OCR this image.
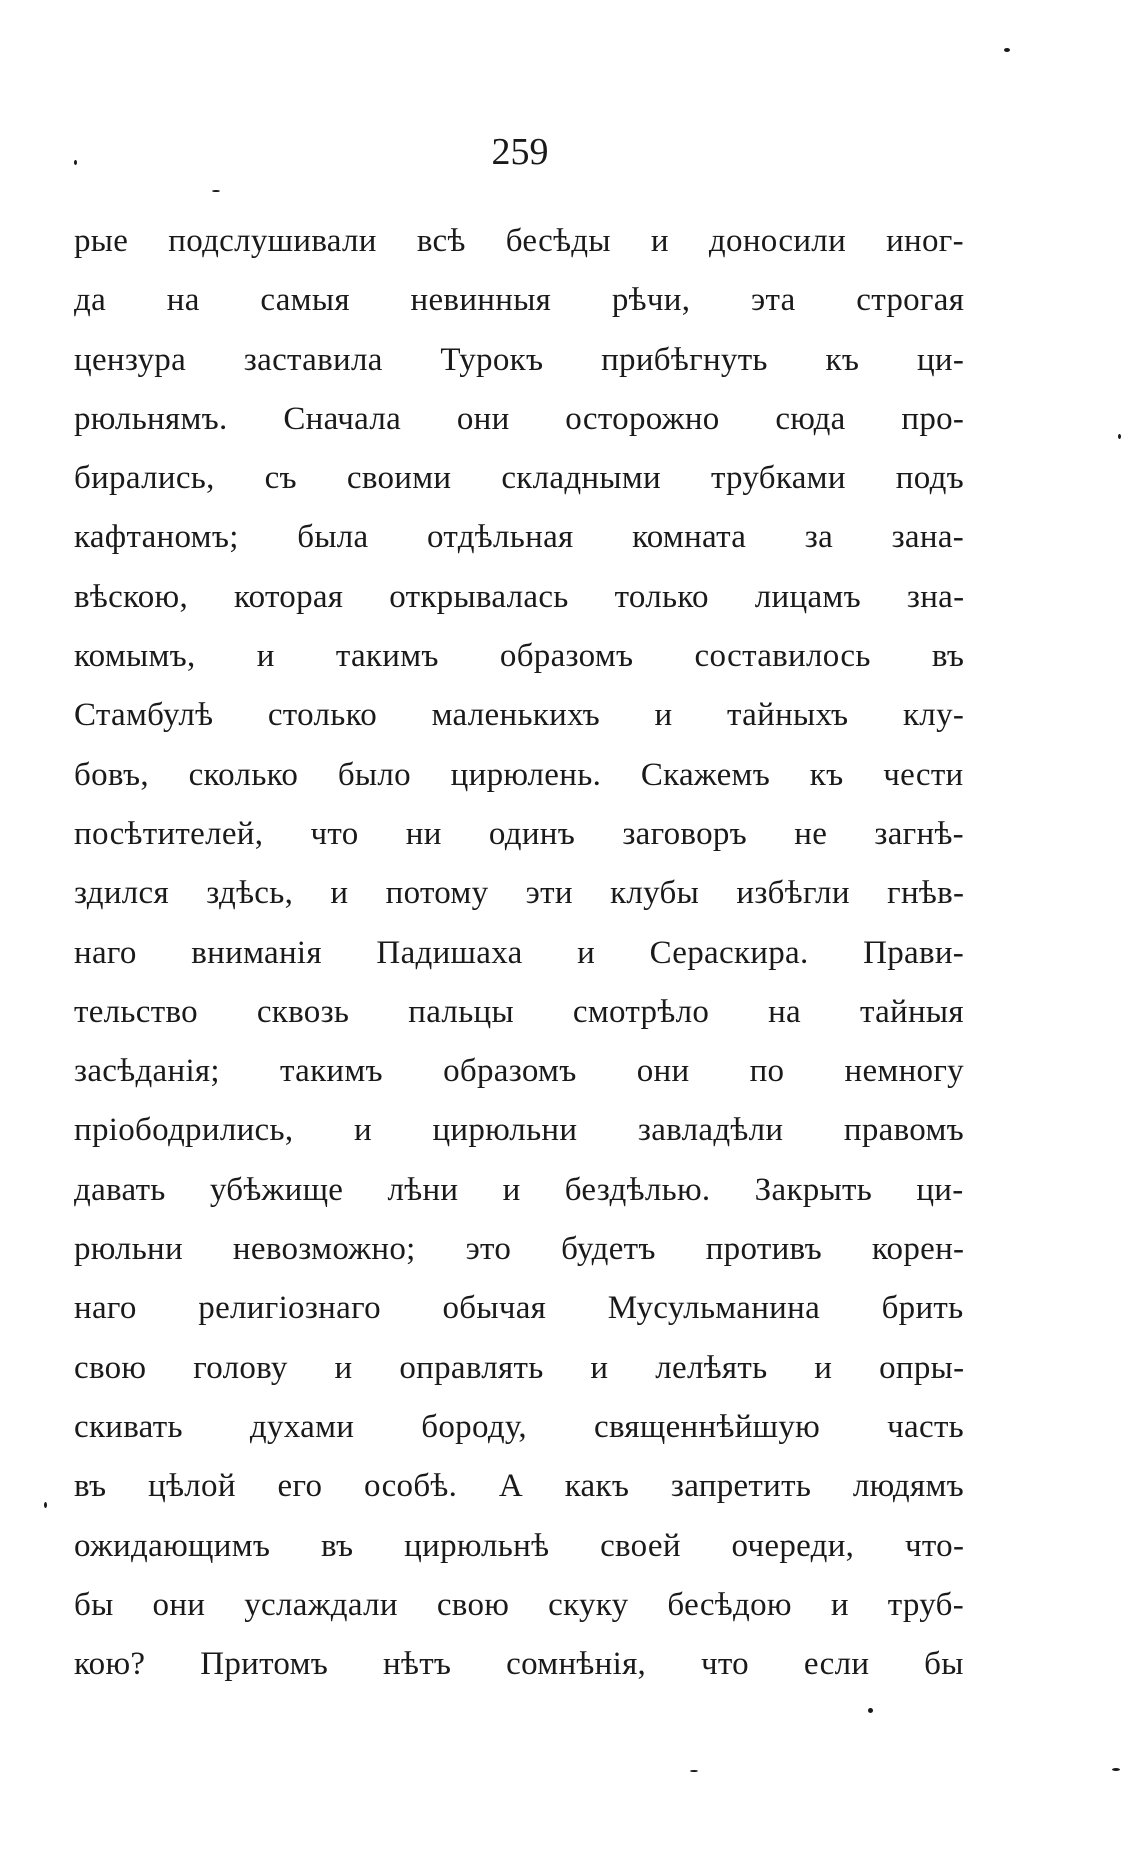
259
рые подслушивали всѣ бесѣды и доносили иног-
да на самыя невинныя рѣчи, эта строгая
цензура заставила Турокъ прибѣгнуть къ ци-
рюльнямъ. Сначала они осторожно сюда про-
бирались, съ своими складными трубками подъ
кафтаномъ; была отдѣльная комната за зана-
вѣскою, которая открывалась только лицамъ зна-
комымъ, и такимъ образомъ составилось въ
Стамбулѣ столько маленькихъ и тайныхъ клу-
бовъ, сколько было цирюлень. Скажемъ къ чести
посѣтителей, что ни одинъ заговоръ не загнѣ-
здился здѣсь, и потому эти клубы избѣгли гнѣв-
наго вниманія Падишаха и Сераскира. Прави-
тельство сквозь пальцы смотрѣло на тайныя
засѣданія; такимъ образомъ они по немногу
пріободрились, и цирюльни завладѣли правомъ
давать убѣжище лѣни и бездѣлью. Закрыть ци-
рюльни невозможно; это будетъ противъ корен-
наго религіознаго обычая Мусульманина брить
свою голову и оправлять и лелѣять и опры-
скивать духами бороду, священнѣйшую часть
въ цѣлой его особѣ. А какъ запретить людямъ
ожидающимъ въ цирюльнѣ своей очереди, что-
бы они услаждали свою скуку бесѣдою и труб-
кою? Притомъ нѣтъ сомнѣнія, что если бы
